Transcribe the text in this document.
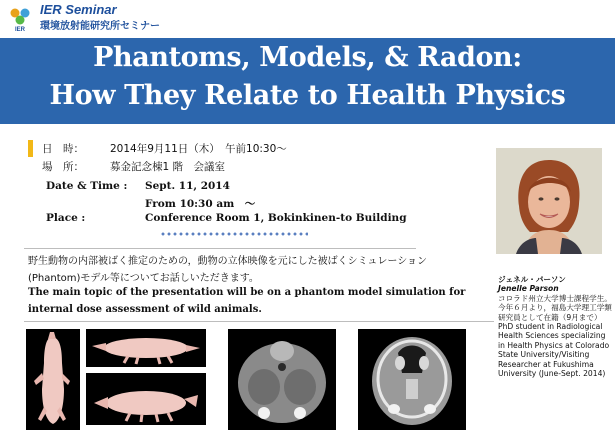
IER
IER Seminar
環境放射能研究所セミナー
Phantoms, Models, & Radon:
How They Relate to Health Physics
日　時： 2014年9月11日（木）　午前10:30～
場　所： 募金記念棟1 階　会議室
Date & Time : Sept. 11, 2014
From 10:30 am　～
Place :	Conference Room 1, Bokinkinen-to Building
ジェネル・パーソン
Jenelle Parson
コロラド州立大学博士課程学生。今年６月より，福島大学理工学類研究員として在籍（9月まで）
PhD student in Radiological Health Sciences specializing in Health Physics at Colorado State University/Visiting Researcher at Fukushima University (June-Sept. 2014)
野生動物の内部被ばく推定のための，動物の立体映像を元にした被ばくシミュレーション
(Phantom)モデル等についてお話しいただきます。
The main topic of the presentation will be on a phantom model simulation for
internal dose assessment of wild animals.
